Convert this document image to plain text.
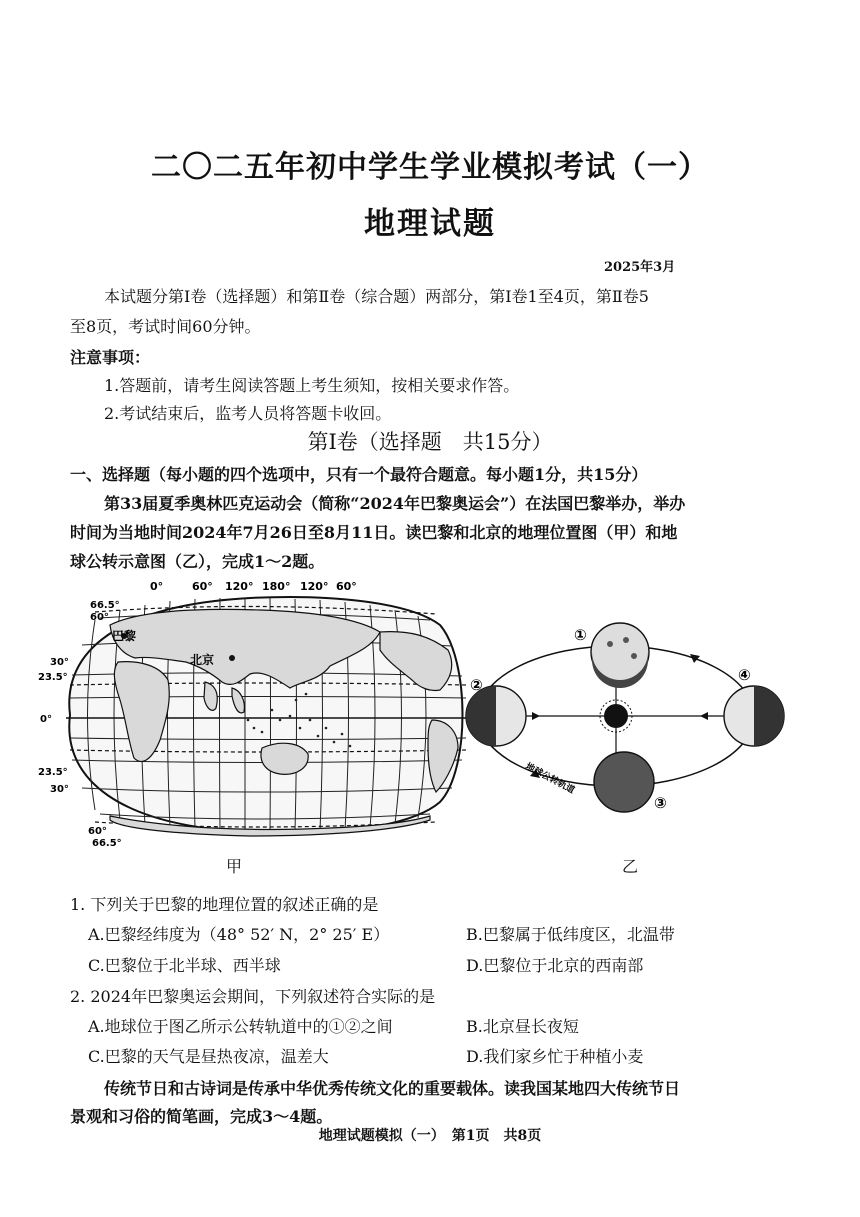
二〇二五年初中学生学业模拟考试（一）
地理试题
2025年3月
本试题分第Ⅰ卷（选择题）和第Ⅱ卷（综合题）两部分，第Ⅰ卷1至4页，第Ⅱ卷5
至8页，考试时间60分钟。
注意事项：
1.答题前，请考生阅读答题上考生须知，按相关要求作答。
2.考试结束后，监考人员将答题卡收回。
第Ⅰ卷（选择题　共15分）
一、选择题（每小题的四个选项中，只有一个最符合题意。每小题1分，共15分）
第33届夏季奥林匹克运动会（简称“2024年巴黎奥运会”）在法国巴黎举办，举办
时间为当地时间2024年7月26日至8月11日。读巴黎和北京的地理位置图（甲）和地
球公转示意图（乙），完成1～2题。
巴黎
北京
0°	60° 120° 180° 120° 60°
66.5°
60°
30°
23.5°
0°
23.5°
30°
60°
66.5°
①
②
③
④
地球公转轨道
甲	乙
1. 下列关于巴黎的地理位置的叙述正确的是
A.巴黎经纬度为（48° 52′ N，2° 25′ E）	B.巴黎属于低纬度区，北温带
C.巴黎位于北半球、西半球	D.巴黎位于北京的西南部
2. 2024年巴黎奥运会期间，下列叙述符合实际的是
A.地球位于图乙所示公转轨道中的①②之间	B.北京昼长夜短
C.巴黎的天气是昼热夜凉，温差大	D.我们家乡忙于种植小麦
传统节日和古诗词是传承中华优秀传统文化的重要载体。读我国某地四大传统节日
景观和习俗的简笔画，完成3～4题。
地理试题模拟（一）　第1页　共8页
